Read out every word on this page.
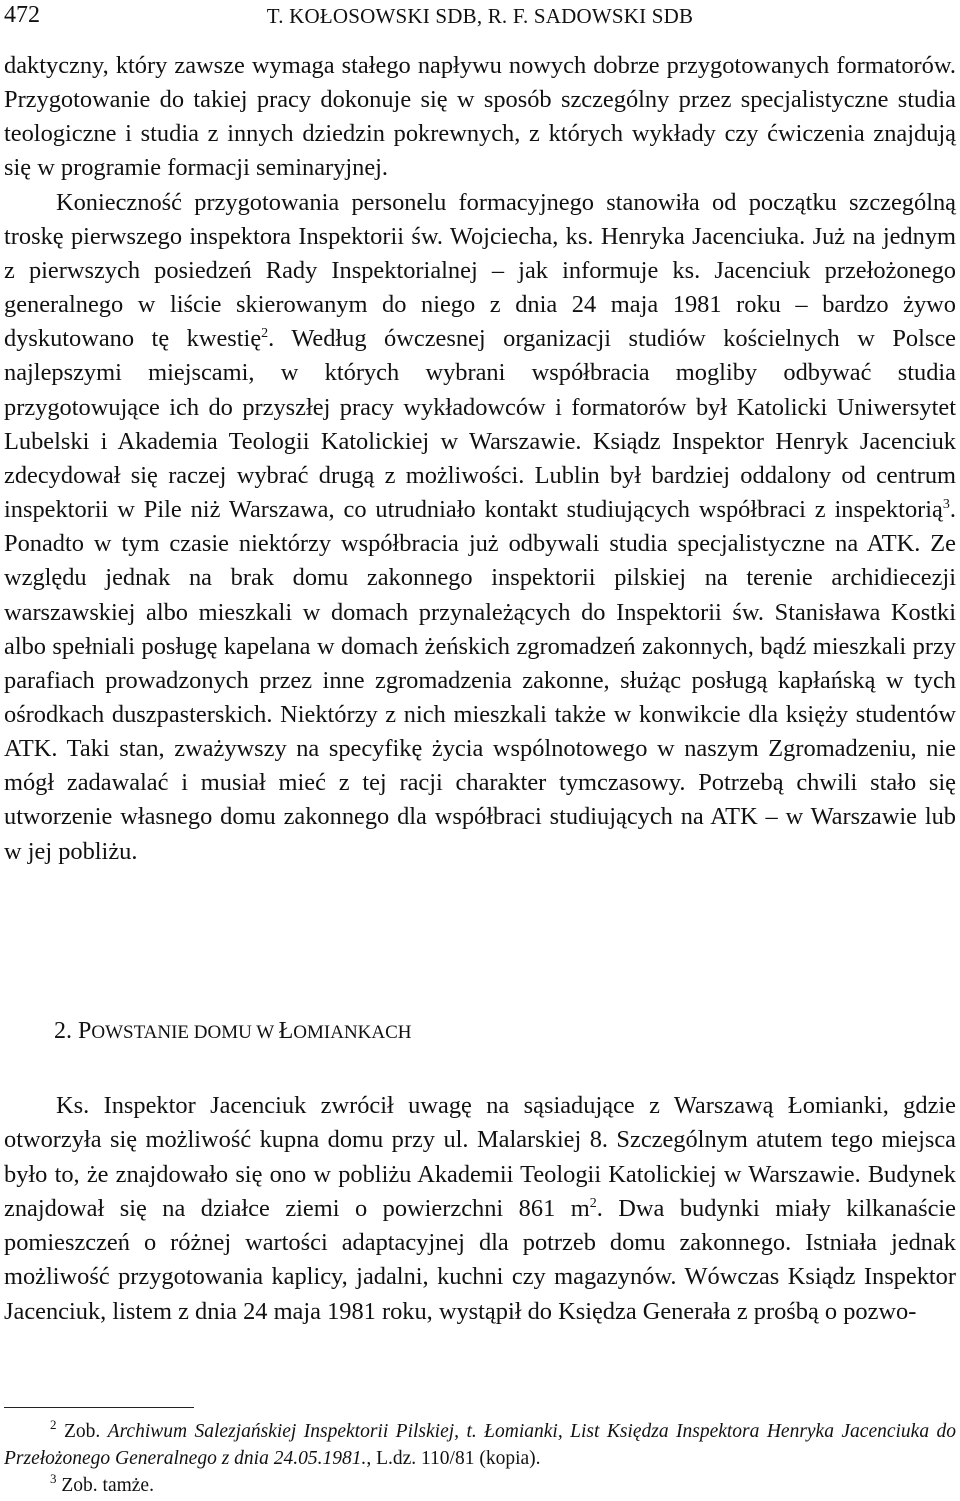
472	T. KOŁOSOWSKI SDB, R. F. SADOWSKI SDB

daktyczny, który zawsze wymaga stałego napływu nowych dobrze przygotowanych formatorów. Przygotowanie do takiej pracy dokonuje się w sposób szczególny przez specjalistyczne studia teologiczne i studia z innych dziedzin pokrewnych, z których wykłady czy ćwiczenia znajdują się w programie formacji seminaryjnej.

Konieczność przygotowania personelu formacyjnego stanowiła od początku szczególną troskę pierwszego inspektora Inspektorii św. Wojciecha, ks. Henryka Jacenciuka. Już na jednym z pierwszych posiedzeń Rady Inspektorialnej – jak informuje ks. Jacenciuk przełożonego generalnego w liście skierowanym do niego z dnia 24 maja 1981 roku – bardzo żywo dyskutowano tę kwestię$^2$. Według ówczesnej organizacji studiów kościelnych w Polsce najlepszymi miejscami, w których wybrani współbracia mogliby odbywać studia przygotowujące ich do przyszłej pracy wykładowców i formatorów był Katolicki Uniwersytet Lubelski i Akademia Teologii Katolickiej w Warszawie. Ksiądz Inspektor Henryk Jacenciuk zdecydował się raczej wybrać drugą z możliwości. Lublin był bardziej oddalony od centrum inspektorii w Pile niż Warszawa, co utrudniało kontakt studiujących współbraci z inspektorią$^3$. Ponadto w tym czasie niektórzy współbracia już odbywali studia specjalistyczne na ATK. Ze względu jednak na brak domu zakonnego inspektorii pilskiej na terenie archidiecezji warszawskiej albo mieszkali w domach przynależących do Inspektorii św. Stanisława Kostki albo spełniali posługę kapelana w domach żeńskich zgromadzeń zakonnych, bądź mieszkali przy parafiach prowadzonych przez inne zgromadzenia zakonne, służąc posługą kapłańską w tych ośrodkach duszpasterskich. Niektórzy z nich mieszkali także w konwikcie dla księży studentów ATK. Taki stan, zważywszy na specyfikę życia wspólnotowego w naszym Zgromadzeniu, nie mógł zadawalać i musiał mieć z tej racji charakter tymczasowy. Potrzebą chwili stało się utworzenie własnego domu zakonnego dla współbraci studiujących na ATK – w Warszawie lub w jej pobliżu.

2. POWSTANIE DOMU W ŁOMIANKACH

Ks. Inspektor Jacenciuk zwrócił uwagę na sąsiadujące z Warszawą Łomianki, gdzie otworzyła się możliwość kupna domu przy ul. Malarskiej 8. Szczególnym atutem tego miejsca było to, że znajdowało się ono w pobliżu Akademii Teologii Katolickiej w Warszawie. Budynek znajdował się na działce ziemi o powierzchni 861 $m^2$. Dwa budynki miały kilkanaście pomieszczeń o różnej wartości adaptacyjnej dla potrzeb domu zakonnego. Istniała jednak możliwość przygotowania kaplicy, jadalni, kuchni czy magazynów. Wówczas Ksiądz Inspektor Jacenciuk, listem z dnia 24 maja 1981 roku, wystąpił do Księdza Generała z prośbą o pozwo-

$^2$ Zob. Archiwum Salezjańskiej Inspektorii Pilskiej, t. Łomianki, List Księdza Inspektora Henryka Jacenciuka do Przełożonego Generalnego z dnia 24.05.1981., L.dz. 110/81 (kopia).

$^3$ Zob. tamże.
